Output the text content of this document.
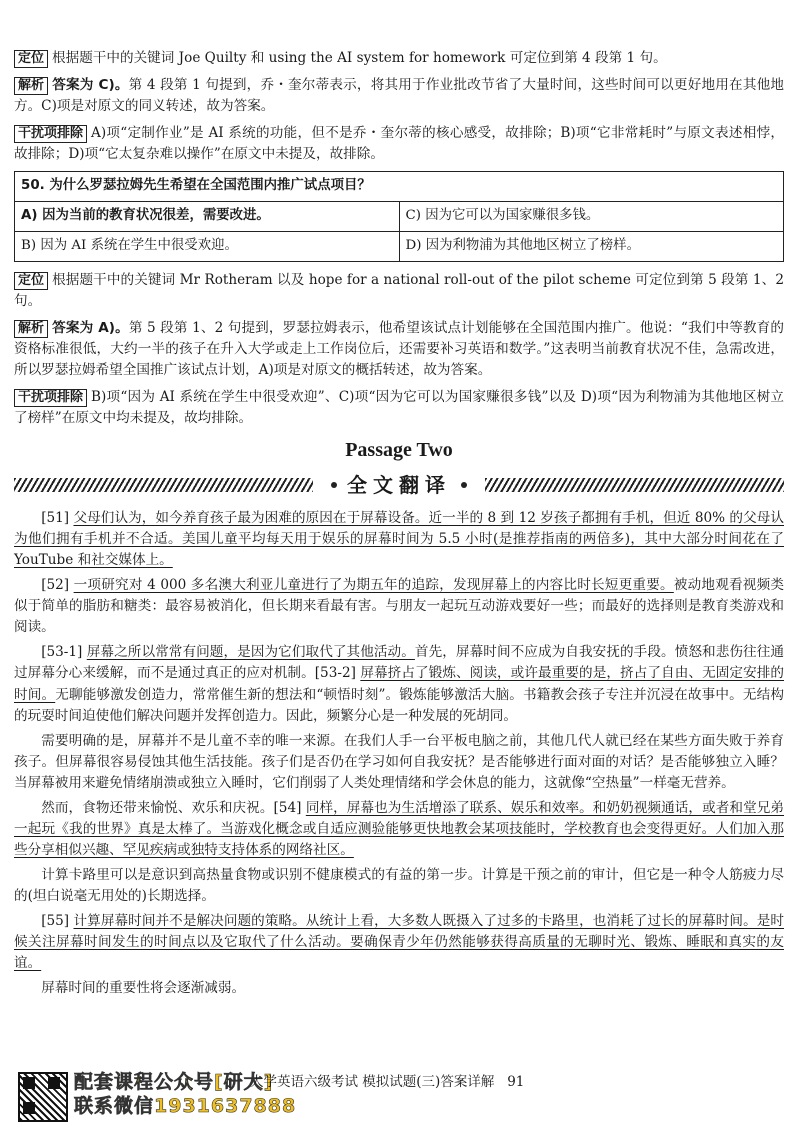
定位 根据题干中的关键词 Joe Quilty 和 using the AI system for homework 可定位到第 4 段第 1 句。

解析 答案为 C)。第 4 段第 1 句提到，乔・奎尔蒂表示，将其用于作业批改节省了大量时间，这些时间可以更好地用在其他地方。C)项是对原文的同义转述，故为答案。

干扰项排除 A)项“定制作业”是 AI 系统的功能，但不是乔・奎尔蒂的核心感受，故排除；B)项“它非常耗时”与原文表述相悖，故排除；D)项“它太复杂难以操作”在原文中未提及，故排除。

50. 为什么罗瑟拉姆先生希望在全国范围内推广试点项目？	
A) 因为当前的教育状况很差，需要改进。	C) 因为它可以为国家赚很多钱。
B) 因为 AI 系统在学生中很受欢迎。	D) 因为利物浦为其他地区树立了榜样。

定位 根据题干中的关键词 Mr Rotheram 以及 hope for a national roll-out of the pilot scheme 可定位到第 5 段第 1、2 句。

解析 答案为 A)。第 5 段第 1、2 句提到，罗瑟拉姆表示，他希望该试点计划能够在全国范围内推广。他说：“我们中等教育的资格标准很低，大约一半的孩子在升入大学或走上工作岗位后，还需要补习英语和数学。”这表明当前教育状况不佳，急需改进，所以罗瑟拉姆希望全国推广该试点计划，A)项是对原文的概括转述，故为答案。

干扰项排除 B)项“因为 AI 系统在学生中很受欢迎”、C)项“因为它可以为国家赚很多钱”以及 D)项“因为利物浦为其他地区树立了榜样”在原文中均未提及，故均排除。

Passage Two
全文翻译

[51] 父母们认为，如今养育孩子最为困难的原因在于屏幕设备。近一半的 8 到 12 岁孩子都拥有手机，但近 80% 的父母认为他们拥有手机并不合适。美国儿童平均每天用于娱乐的屏幕时间为 5.5 小时(是推荐指南的两倍多)，其中大部分时间花在了 YouTube 和社交媒体上。

[52] 一项研究对 4 000 多名澳大利亚儿童进行了为期五年的追踪，发现屏幕上的内容比时长短更重要。被动地观看视频类似于简单的脂肪和糖类：最容易被消化，但长期来看最有害。与朋友一起玩互动游戏要好一些；而最好的选择则是教育类游戏和阅读。

[53-1] 屏幕之所以常常有问题，是因为它们取代了其他活动。首先，屏幕时间不应成为自我安抚的手段。愤怒和悲伤往往通过屏幕分心来缓解，而不是通过真正的应对机制。[53-2] 屏幕挤占了锻炼、阅读，或许最重要的是，挤占了自由、无固定安排的时间。无聊能够激发创造力，常常催生新的想法和“顿悟时刻”。锻炼能够激活大脑。书籍教会孩子专注并沉浸在故事中。无结构的玩耍时间迫使他们解决问题并发挥创造力。因此，频繁分心是一种发展的死胡同。

需要明确的是，屏幕并不是儿童不幸的唯一来源。在我们人手一台平板电脑之前，其他几代人就已经在某些方面失败于养育孩子。但屏幕很容易侵蚀其他生活技能。孩子们是否仍在学习如何自我安抚？是否能够进行面对面的对话？是否能够独立入睡？当屏幕被用来避免情绪崩溃或独立入睡时，它们削弱了人类处理情绪和学会休息的能力，这就像“空热量”一样毫无营养。

然而，食物还带来愉悦、欢乐和庆祝。[54] 同样，屏幕也为生活增添了联系、娱乐和效率。和奶奶视频通话，或者和堂兄弟一起玩《我的世界》真是太棒了。当游戏化概念或自适应测验能够更快地教会某项技能时，学校教育也会变得更好。人们加入那些分享相似兴趣、罕见疾病或独特支持体系的网络社区。

计算卡路里可以是意识到高热量食物或识别不健康模式的有益的第一步。计算是干预之前的审计，但它是一种令人筋疲力尽的(坦白说毫无用处的)长期选择。

[55] 计算屏幕时间并不是解决问题的策略。从统计上看，大多数人既摄入了过多的卡路里，也消耗了过长的屏幕时间。是时候关注屏幕时间发生的时间点以及它取代了什么活动。要确保青少年仍然能够获得高质量的无聊时光、锻炼、睡眠和真实的友谊。

屏幕时间的重要性将会逐渐减弱。

配套课程公众号[研大]
联系微信1931637888
大学英语六级考试 模拟试题(三)答案详解 91
